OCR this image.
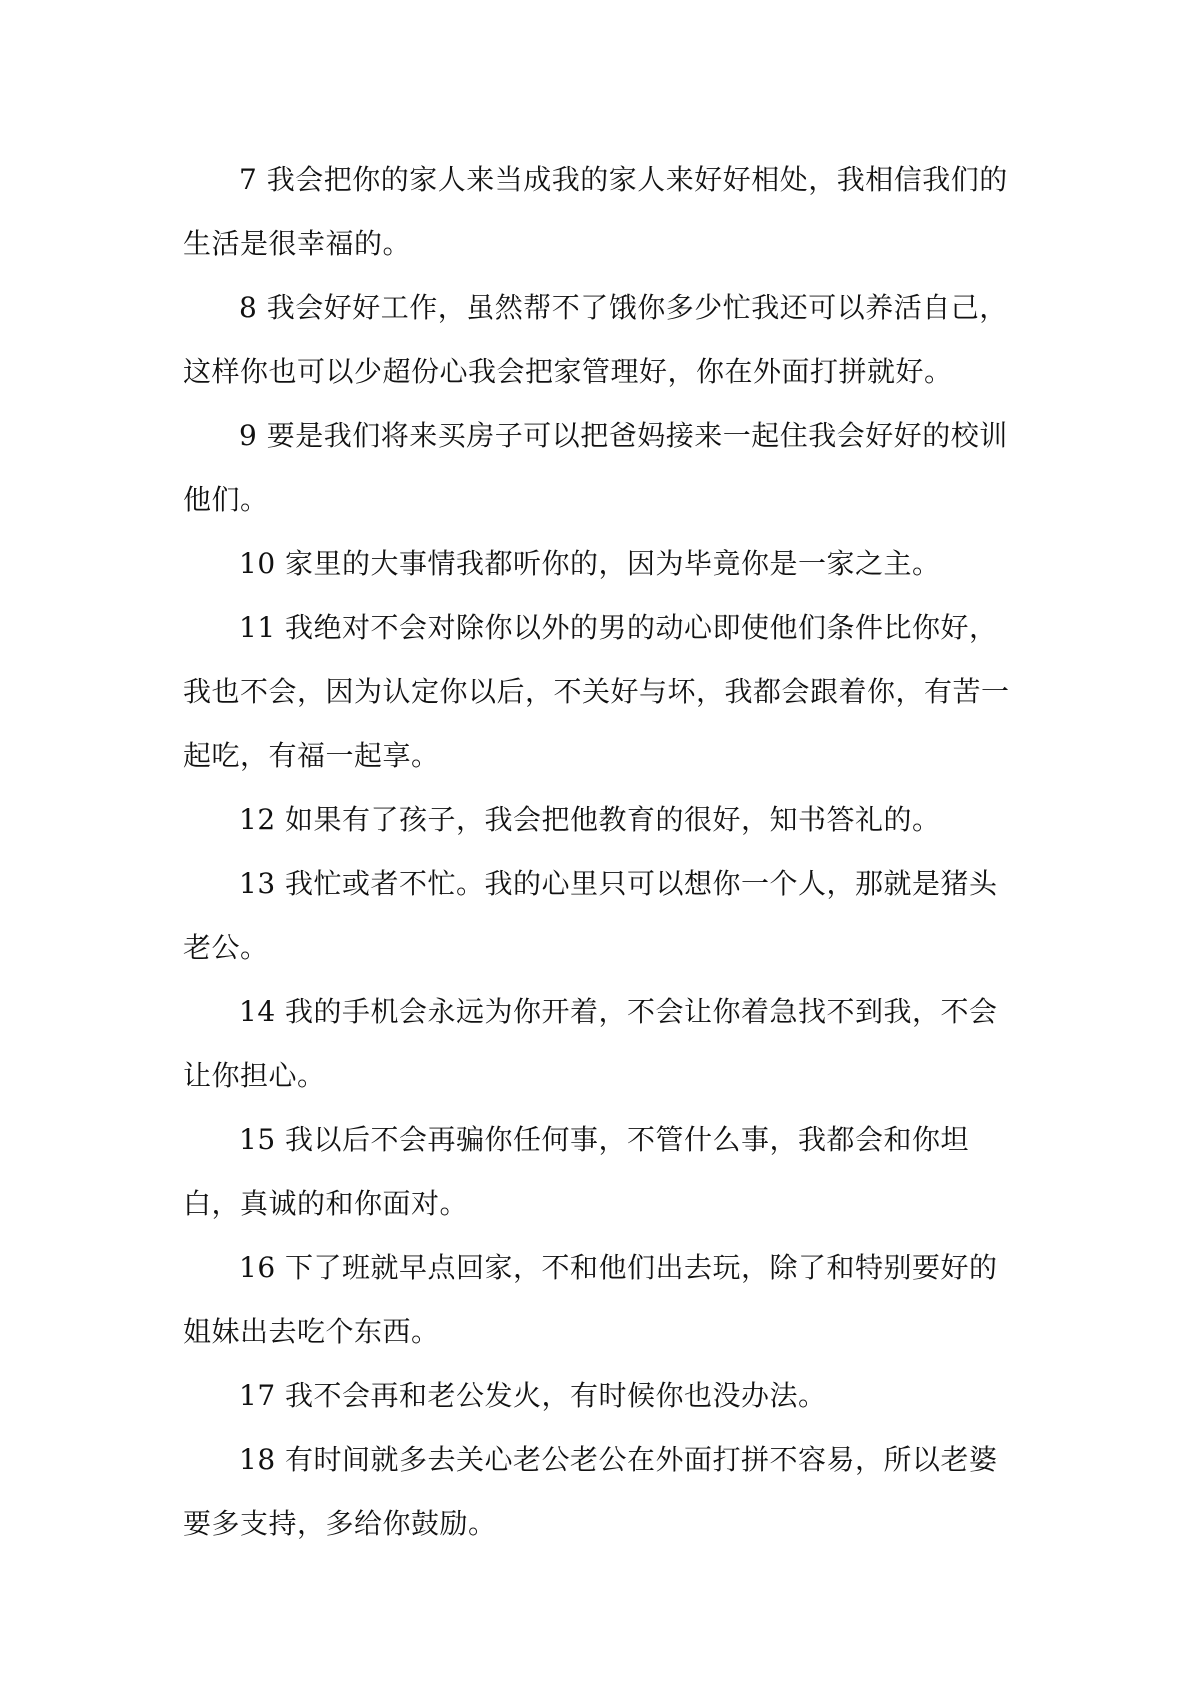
7 我会把你的家人来当成我的家人来好好相处，我相信我们的生活是很幸福的。

8 我会好好工作，虽然帮不了饿你多少忙我还可以养活自己，这样你也可以少超份心我会把家管理好，你在外面打拼就好。

9 要是我们将来买房子可以把爸妈接来一起住我会好好的校训他们。

10 家里的大事情我都听你的，因为毕竟你是一家之主。

11 我绝对不会对除你以外的男的动心即使他们条件比你好，我也不会，因为认定你以后，不关好与坏，我都会跟着你，有苦一起吃，有福一起享。

12 如果有了孩子，我会把他教育的很好，知书答礼的。

13 我忙或者不忙。我的心里只可以想你一个人，那就是猪头老公。

14 我的手机会永远为你开着，不会让你着急找不到我，不会让你担心。

15 我以后不会再骗你任何事，不管什么事，我都会和你坦白，真诚的和你面对。

16 下了班就早点回家，不和他们出去玩，除了和特别要好的姐妹出去吃个东西。

17 我不会再和老公发火，有时候你也没办法。

18 有时间就多去关心老公老公在外面打拼不容易，所以老婆要多支持，多给你鼓励。
